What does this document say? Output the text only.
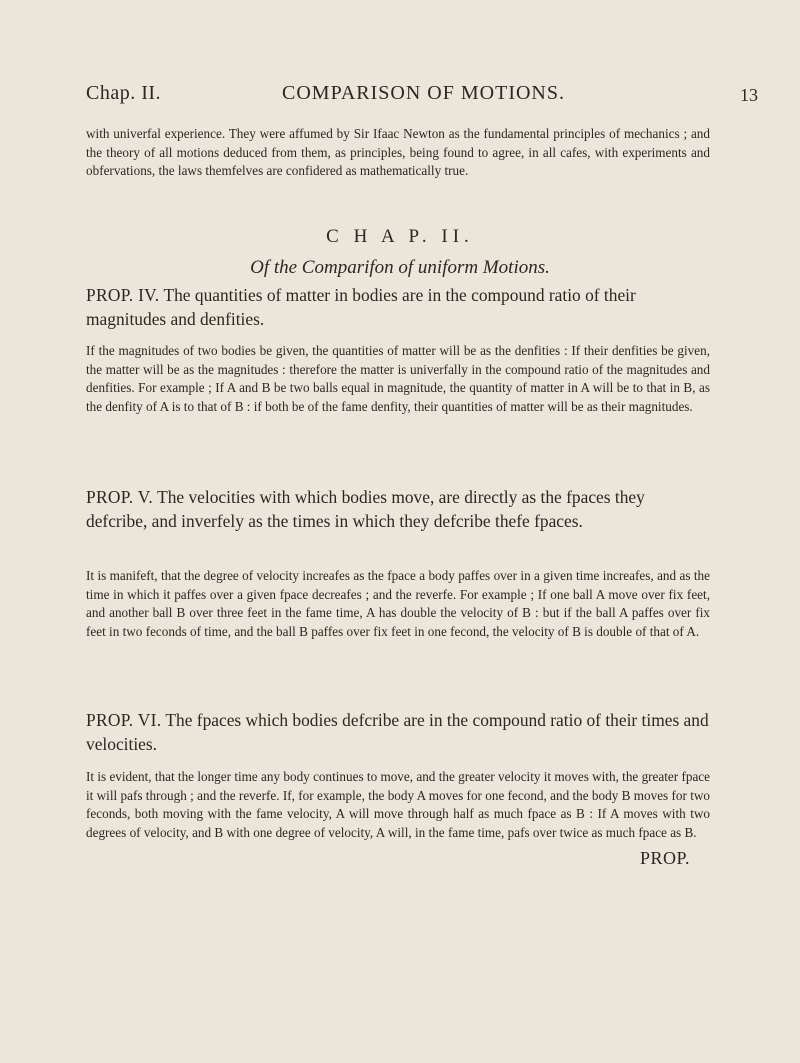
Chap. II.	COMPARISON OF MOTIONS.	13

with univerfal experience. They were affumed by Sir Ifaac Newton as the fundamental principles of mechanics ; and the theory of all motions deduced from them, as principles, being found to agree, in all cafes, with experiments and obfervations, the laws themfelves are confidered as mathematically true.

C H A P. II.
Of the Comparifon of uniform Motions.
PROP. IV. The quantities of matter in bodies are in the compound ratio of their magnitudes and denfities.

If the magnitudes of two bodies be given, the quantities of matter will be as the denfities : If their denfities be given, the matter will be as the magnitudes : therefore the matter is univerfally in the compound ratio of the magnitudes and denfities. For example ; If A and B be two balls equal in magnitude, the quantity of matter in A will be to that in B, as the denfity of A is to that of B : if both be of the fame denfity, their quantities of matter will be as their magnitudes.

PROP. V. The velocities with which bodies move, are directly as the fpaces they defcribe, and inverfely as the times in which they defcribe thefe fpaces.

It is manifeft, that the degree of velocity increafes as the fpace a body paffes over in a given time increafes, and as the time in which it paffes over a given fpace decreafes ; and the reverfe. For example ; If one ball A move over fix feet, and another ball B over three feet in the fame time, A has double the velocity of B : but if the ball A paffes over fix feet in two feconds of time, and the ball B paffes over fix feet in one fecond, the velocity of B is double of that of A.

PROP. VI. The fpaces which bodies defcribe are in the compound ratio of their times and velocities.

It is evident, that the longer time any body continues to move, and the greater velocity it moves with, the greater fpace it will pafs through ; and the reverfe. If, for example, the body A moves for one fecond, and the body B moves for two feconds, both moving with the fame velocity, A will move through half as much fpace as B : If A moves with two degrees of velocity, and B with one degree of velocity, A will, in the fame time, pafs over twice as much fpace as B.

PROP.
